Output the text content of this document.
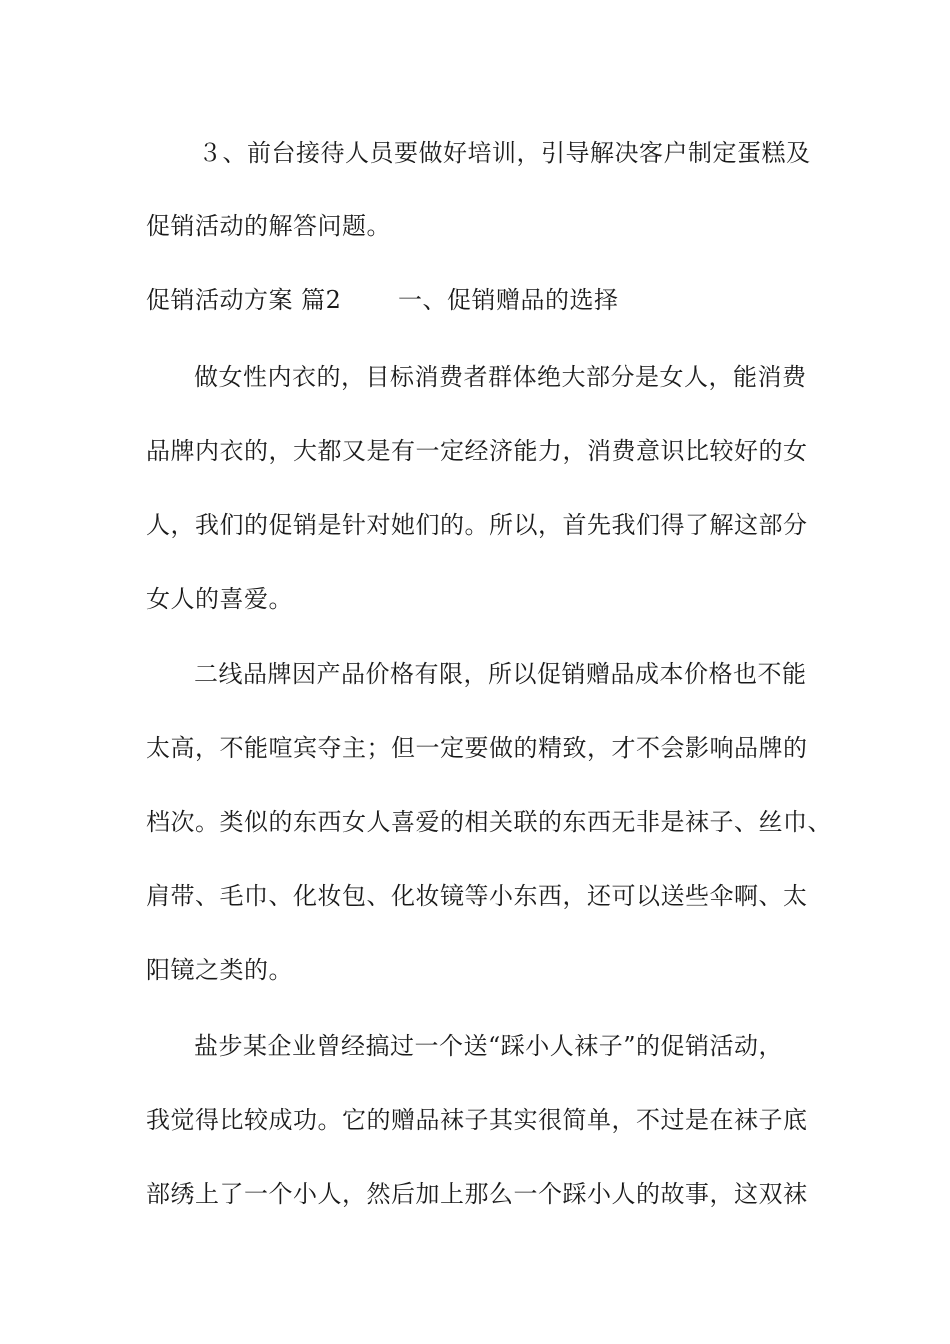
３、前台接待人员要做好培训，引导解决客户制定蛋糕及
促销活动的解答问题。
促销活动方案 篇2 一、促销赠品的选择
做女性内衣的，目标消费者群体绝大部分是女人，能消费
品牌内衣的，大都又是有一定经济能力，消费意识比较好的女
人，我们的促销是针对她们的。所以，首先我们得了解这部分
女人的喜爱。
二线品牌因产品价格有限，所以促销赠品成本价格也不能
太高，不能喧宾夺主；但一定要做的精致，才不会影响品牌的
档次。类似的东西女人喜爱的相关联的东西无非是袜子、丝巾、
肩带、毛巾、化妆包、化妆镜等小东西，还可以送些伞啊、太
阳镜之类的。
盐步某企业曾经搞过一个送“踩小人袜子”的促销活动，
我觉得比较成功。它的赠品袜子其实很简单，不过是在袜子底
部绣上了一个小人，然后加上那么一个踩小人的故事，这双袜
